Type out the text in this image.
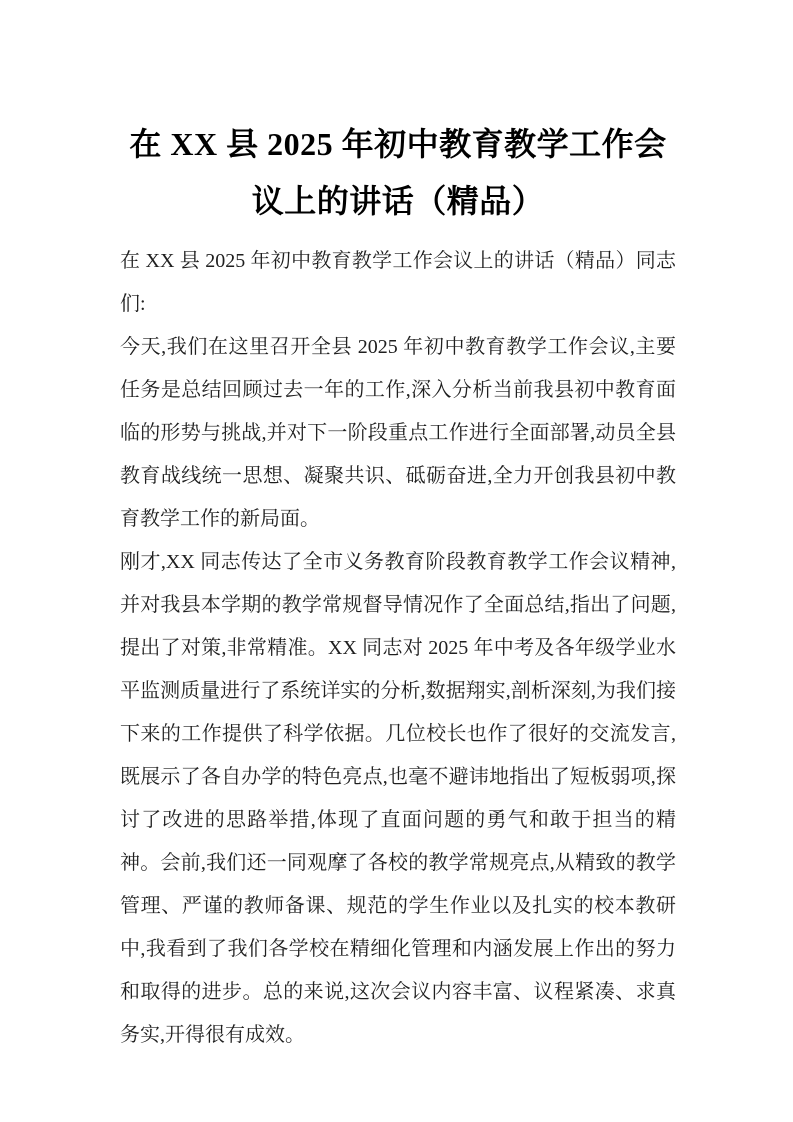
在 XX 县 2025 年初中教育教学工作会议上的讲话（精品）

在 XX 县 2025 年初中教育教学工作会议上的讲话（精品）同志们:

今天,我们在这里召开全县 2025 年初中教育教学工作会议,主要任务是总结回顾过去一年的工作,深入分析当前我县初中教育面临的形势与挑战,并对下一阶段重点工作进行全面部署,动员全县教育战线统一思想、凝聚共识、砥砺奋进,全力开创我县初中教育教学工作的新局面。

刚才,XX 同志传达了全市义务教育阶段教育教学工作会议精神,并对我县本学期的教学常规督导情况作了全面总结,指出了问题,提出了对策,非常精准。XX 同志对 2025 年中考及各年级学业水平监测质量进行了系统详实的分析,数据翔实,剖析深刻,为我们接下来的工作提供了科学依据。几位校长也作了很好的交流发言,既展示了各自办学的特色亮点,也毫不避讳地指出了短板弱项,探讨了改进的思路举措,体现了直面问题的勇气和敢于担当的精神。会前,我们还一同观摩了各校的教学常规亮点,从精致的教学管理、严谨的教师备课、规范的学生作业以及扎实的校本教研中,我看到了我们各学校在精细化管理和内涵发展上作出的努力和取得的进步。总的来说,这次会议内容丰富、议程紧凑、求真务实,开得很有成效。
